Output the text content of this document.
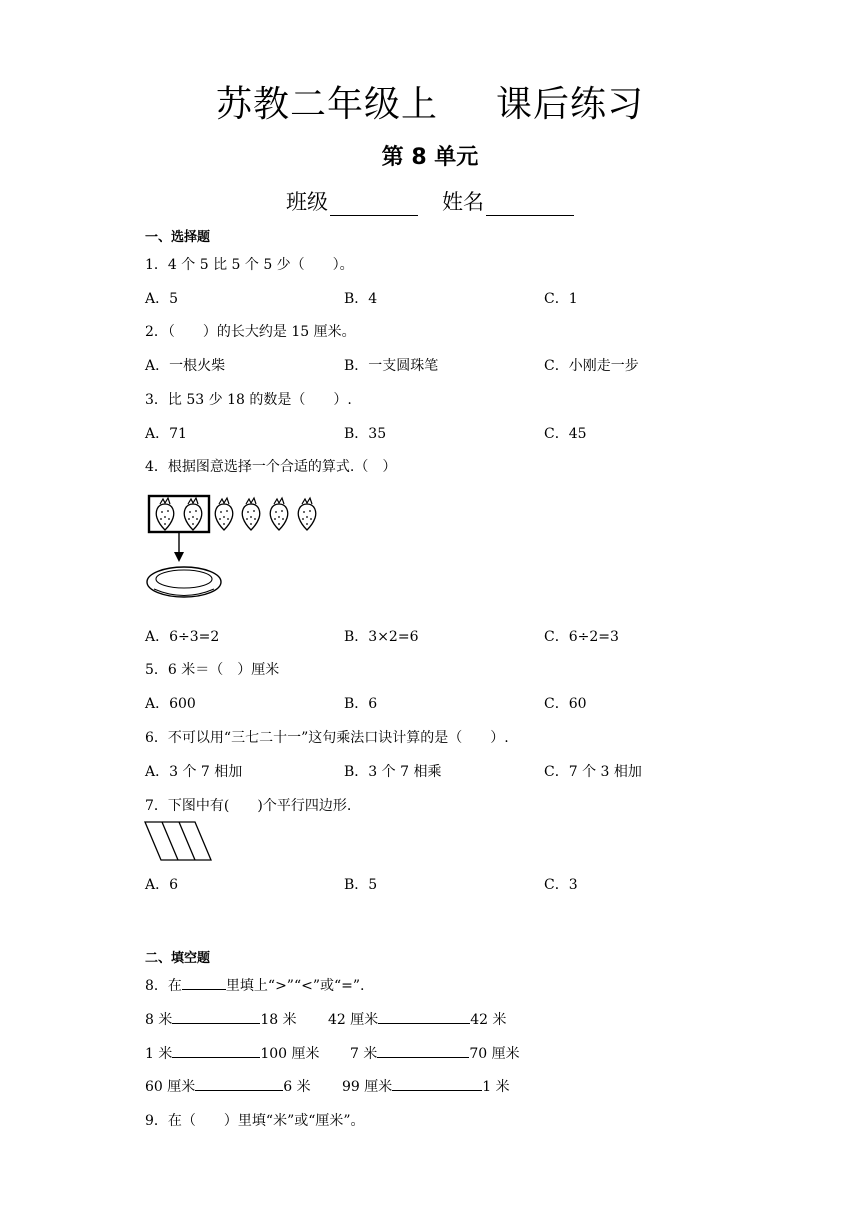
苏教二年级上 课后练习
第 8 单元
班级	姓名
一、选择题
1．4 个 5 比 5 个 5 少（　　）。
A．5	B．4	C．1
2．（　　）的长大约是 15 厘米。
A．一根火柴	B．一支圆珠笔	C．小刚走一步
3．比 53 少 18 的数是（　　）.
A．71	B．35	C．45
4．根据图意选择一个合适的算式.（　）
A．6÷3=2	B．3×2=6	C．6÷2=3
5．6 米＝（　）厘米
A．600	B．6	C．60
6．不可以用“三七二十一”这句乘法口诀计算的是（　　）.
A．3 个 7 相加	B．3 个 7 相乘	C．7 个 3 相加
7．下图中有(　　)个平行四边形.
A．6	B．5	C．3
二、填空题
8．在	里填上“>”“<”或“=”.
8 米	18 米 42 厘米	42 米
1 米	100 厘米 7 米	70 厘米
60 厘米	6 米 99 厘米	1 米
9．在（　　）里填“米”或“厘米”。
